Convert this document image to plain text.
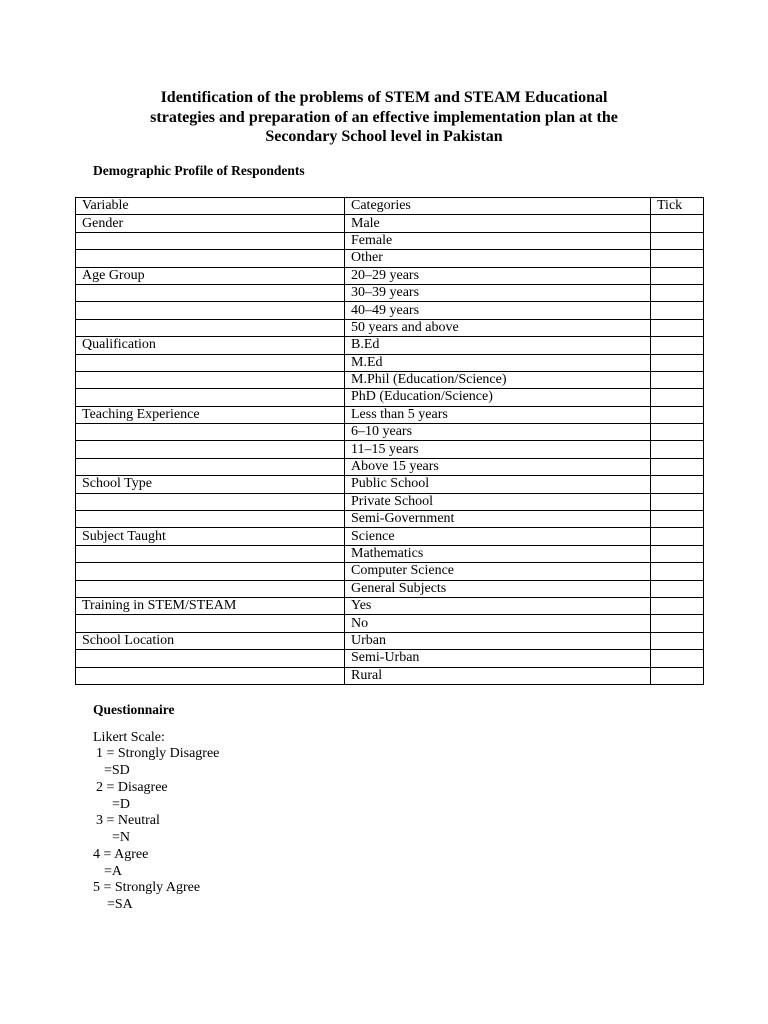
Identification of the problems of STEM and STEAM Educational
strategies and preparation of an effective implementation plan at the
Secondary School level in Pakistan
Demographic Profile of Respondents
Variable	Categories	Tick
Gender	Male	
	Female	
	Other	
Age Group	20–29 years	
	30–39 years	
	40–49 years	
	50 years and above	
Qualification	B.Ed	
	M.Ed	
	M.Phil (Education/Science)	
	PhD (Education/Science)	
Teaching Experience	Less than 5 years	
	6–10 years	
	11–15 years	
	Above 15 years	
School Type	Public School	
	Private School	
	Semi-Government	
Subject Taught	Science	
	Mathematics	
	Computer Science	
	General Subjects	
Training in STEM/STEAM	Yes	
	No	
School Location	Urban	
	Semi-Urban	
	Rural	
Questionnaire
Likert Scale:
1 = Strongly Disagree
=SD
2 = Disagree
=D
3 = Neutral
=N
4 = Agree
=A
5 = Strongly Agree
=SA
